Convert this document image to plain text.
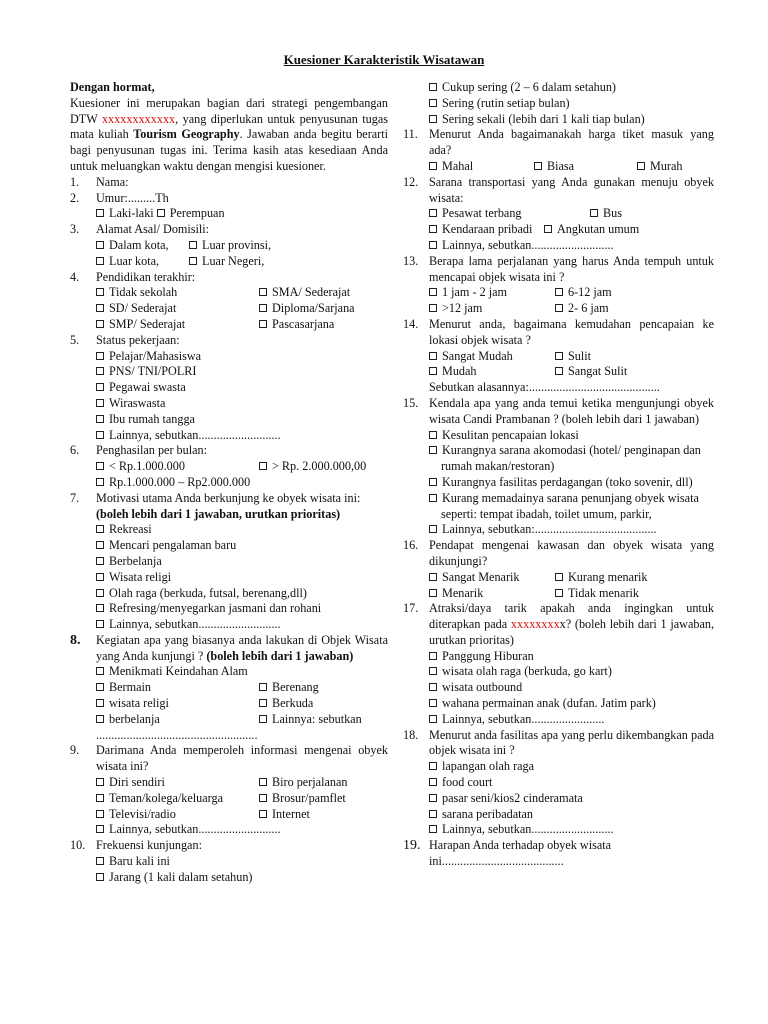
Kuesioner Karakteristik Wisatawan
Dengan hormat,

Kuesioner ini merupakan bagian dari strategi pengembangan DTW xxxxxxxxxxxx, yang diperlukan untuk penyusunan tugas mata kuliah Tourism Geography. Jawaban anda begitu berarti bagi penyusunan tugas ini. Terima kasih atas kesediaan Anda untuk meluangkan waktu dengan mengisi kuesioner.

1. Nama:
2. Umur:.........Th
Laki-laki Perempuan
3. Alamat Asal/ Domisili:
Dalam kota,	Luar provinsi,
Luar kota,	Luar Negeri,
4. Pendidikan terakhir:
Tidak sekolah	SMA/ Sederajat
SD/ Sederajat	Diploma/Sarjana
SMP/ Sederajat	Pascasarjana
5. Status pekerjaan:
Pelajar/Mahasiswa
PNS/ TNI/POLRI
Pegawai swasta
Wiraswasta
Ibu rumah tangga
Lainnya, sebutkan...........................
6. Penghasilan per bulan:
< Rp.1.000.000	> Rp. 2.000.000,00
Rp.1.000.000 – Rp2.000.000
7. Motivasi utama Anda berkunjung ke obyek wisata ini:
(boleh lebih dari 1 jawaban, urutkan prioritas)
Rekreasi
Mencari pengalaman baru
Berbelanja
Wisata religi
Olah raga (berkuda, futsal, berenang,dll)
Refresing/menyegarkan jasmani dan rohani
Lainnya, sebutkan...........................
8. Kegiatan apa yang biasanya anda lakukan di Objek Wisata yang Anda kunjungi ? (boleh lebih dari 1 jawaban)
Menikmati Keindahan Alam
Bermain	Berenang
wisata religi	Berkuda
berbelanja	Lainnya: sebutkan
.....................................................
9. Darimana Anda memperoleh informasi mengenai obyek wisata ini?
Diri sendiri	Biro perjalanan
Teman/kolega/keluarga	Brosur/pamflet
Televisi/radio	Internet
Lainnya, sebutkan...........................
10. Frekuensi kunjungan:
Baru kali ini
Jarang (1 kali dalam setahun)
Cukup sering (2 – 6 dalam setahun)
Sering (rutin setiap bulan)
Sering sekali (lebih dari 1 kali tiap bulan)
11. Menurut Anda bagaimanakah harga tiket masuk yang ada?
Mahal	Biasa	Murah
12. Sarana transportasi yang Anda gunakan menuju obyek wisata:
Pesawat terbang	Bus
Kendaraan pribadi	Angkutan umum
Lainnya, sebutkan...........................
13. Berapa lama perjalanan yang harus Anda tempuh untuk mencapai objek wisata ini ?
1 jam - 2 jam	6-12 jam
>12 jam	2- 6 jam
14. Menurut anda, bagaimana kemudahan pencapaian ke lokasi objek wisata ?
Sangat Mudah	Sulit
Mudah	Sangat Sulit
Sebutkan alasannya:...........................................
15. Kendala apa yang anda temui ketika mengunjungi obyek wisata Candi Prambanan ? (boleh lebih dari 1 jawaban)
Kesulitan pencapaian lokasi
Kurangnya sarana akomodasi (hotel/ penginapan dan
rumah makan/restoran)
Kurangnya fasilitas perdagangan (toko sovenir, dll)
Kurang memadainya sarana penunjang obyek wisata
seperti: tempat ibadah, toilet umum, parkir,
Lainnya, sebutkan:........................................
16. Pendapat mengenai kawasan dan obyek wisata yang dikunjungi?
Sangat Menarik	Kurang menarik
Menarik	Tidak menarik
17. Atraksi/daya tarik apakah anda ingingkan untuk diterapkan pada xxxxxxxxx? (boleh lebih dari 1 jawaban, urutkan prioritas)
Panggung Hiburan
wisata olah raga (berkuda, go kart)
wisata outbound
wahana permainan anak (dufan. Jatim park)
Lainnya, sebutkan........................
18. Menurut anda fasilitas apa yang perlu dikembangkan pada objek wisata ini ?
lapangan olah raga
food court
pasar seni/kios2 cinderamata
sarana peribadatan
Lainnya, sebutkan...........................
19. Harapan Anda terhadap obyek wisata ini........................................
